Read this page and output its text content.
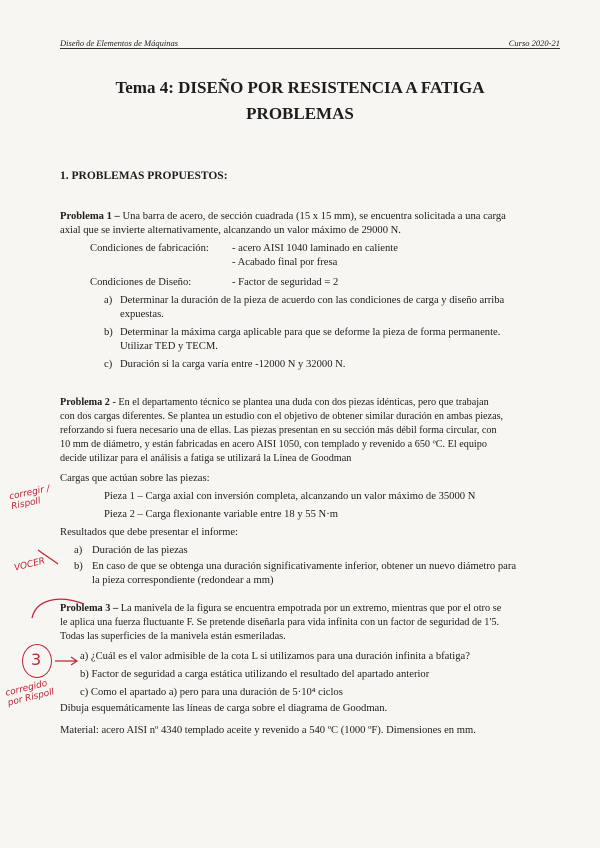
Diseño de Elementos de Máquinas	Curso 2020-21
Tema 4: DISEÑO POR RESISTENCIA A FATIGA
PROBLEMAS
1. PROBLEMAS PROPUESTOS:
Problema 1 – Una barra de acero, de sección cuadrada (15 x 15 mm), se encuentra solicitada a una carga
axial que se invierte alternativamente, alcanzando un valor máximo de 29000 N.
Condiciones de fabricación: - acero AISI 1040 laminado en caliente
- Acabado final por fresa
Condiciones de Diseño:	- Factor de seguridad = 2
a) Determinar la duración de la pieza de acuerdo con las condiciones de carga y diseño arriba
expuestas.
b) Determinar la máxima carga aplicable para que se deforme la pieza de forma permanente.
Utilizar TED y TECM.
c) Duración si la carga varía entre -12000 N y 32000 N.
Problema 2 - En el departamento técnico se plantea una duda con dos piezas idénticas, pero que trabajan
con dos cargas diferentes. Se plantea un estudio con el objetivo de obtener similar duración en ambas piezas,
reforzando si fuera necesario una de ellas. Las piezas presentan en su sección más débil forma circular, con
10 mm de diámetro, y están fabricadas en acero AISI 1050, con templado y revenido a 650 ºC. El equipo
decide utilizar para el análisis a fatiga se utilizará la Línea de Goodman
Cargas que actúan sobre las piezas:
Pieza 1 – Carga axial con inversión completa, alcanzando un valor máximo de 35000 N
Pieza 2 – Carga flexionante variable entre 18 y 55 N·m
Resultados que debe presentar el informe:
a) Duración de las piezas
b) En caso de que se obtenga una duración significativamente inferior, obtener un nuevo diámetro para
la pieza correspondiente (redondear a mm)
Problema 3 – La manivela de la figura se encuentra empotrada por un extremo, mientras que por el otro se
le aplica una fuerza fluctuante F. Se pretende diseñarla para vida infinita con un factor de seguridad de 1'5.
Todas las superficies de la manivela están esmeriladas.
a) ¿Cuál es el valor admisible de la cota L si utilizamos para una duración infinita a bfatiga?
b) Factor de seguridad a carga estática utilizando el resultado del apartado anterior
c) Como el apartado a) pero para una duración de 5·10⁴ ciclos
Dibuja esquemáticamente las líneas de carga sobre el diagrama de Goodman.
Material: acero AISI nº 4340 templado aceite y revenido a 540 ºC (1000 ºF). Dimensiones en mm.
corregir / Rispoll
VOCER
3
corregido por Rispoll
